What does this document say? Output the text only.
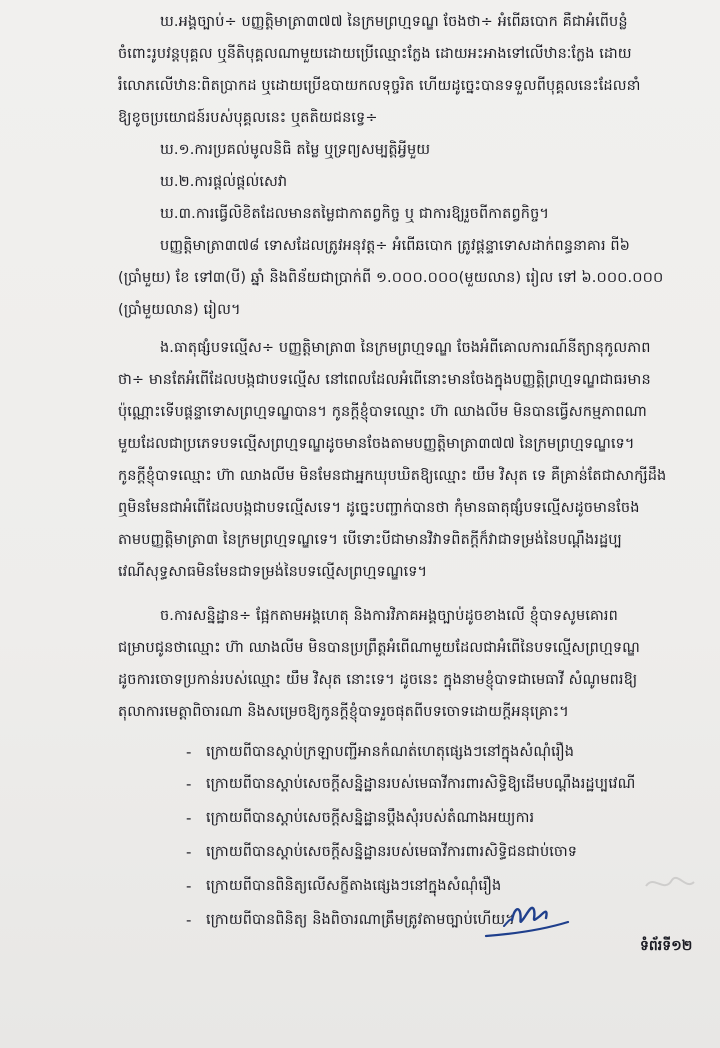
ឃ.អង្គច្បាប់÷ បញ្ញត្តិមាត្រា៣៧៧ នៃក្រមព្រហ្មទណ្ឌ ចែងថា÷ អំពើឆបោក គឺជាអំពើបន្លំ
ចំពោះរូបវន្តបុគ្គល ឬនីតិបុគ្គលណាមួយដោយប្រើឈ្មោះក្លែង ដោយអះអាងទៅលើឋានៈក្លែង ដោយ
រំលោភលើឋានៈពិតប្រាកដ ឬដោយប្រើឧបាយកលទុច្ចរិត ហើយដូច្នេះបានទទួលពីបុគ្គលនេះដែលនាំ
ឱ្យខូចប្រយោជន៍របស់បុគ្គលនេះ ឬតតិយជនទ្វេ÷
ឃ.១.ការប្រគល់មូលនិធិ តម្លៃ ឬទ្រព្យសម្បត្តិអ្វីមួយ
ឃ.២.ការផ្តល់ផ្តល់សេវា
ឃ.៣.ការធ្វើលិខិតដែលមានតម្លៃជាកាតព្វកិច្ច ឬ ជាការឱ្យរួចពីកាតព្វកិច្ច។
បញ្ញត្តិមាត្រា៣៧៨ ទោសដែលត្រូវអនុវត្ត÷ អំពើឆបោក ត្រូវផ្តន្ទាទោសដាក់ពន្ធនាគារ ពី៦
(ប្រាំមួយ) ខែ ទៅ៣(បី) ឆ្នាំ និងពិន័យជាប្រាក់ពី ១.០០០.០០០(មួយលាន) រៀល ទៅ ៦.០០០.០០០
(ប្រាំមួយលាន) រៀល។
ង.ធាតុផ្សំបទល្មើស÷ បញ្ញត្តិមាត្រា៣ នៃក្រមព្រហ្មទណ្ឌ ចែងអំពីគោលការណ៍នីត្យានុកូលភាព
ថា÷ មានតែអំពើដែលបង្កជាបទល្មើស នៅពេលដែលអំពើនោះមានចែងក្នុងបញ្ញត្តិព្រហ្មទណ្ឌជាធរមាន
ប៉ុណ្ណោះទើបផ្តន្ទាទោសព្រហ្មទណ្ឌបាន។ កូនក្តីខ្ញុំបាទឈ្មោះ ហ៊ា ឈាងលីម មិនបានធ្វើសកម្មភាពណា
មួយដែលជាប្រភេទបទល្មើសព្រហ្មទណ្ឌដូចមានចែងតាមបញ្ញត្តិមាត្រា៣៧៧ នៃក្រមព្រហ្មទណ្ឌទេ។
កូនក្តីខ្ញុំបាទឈ្មោះ ហ៊ា ឈាងលីម មិនមែនជាអ្នកឃុបឃិតឱ្យឈ្មោះ យឹម វិសុត ទេ គឺគ្រាន់តែជាសាក្សីដឹង
ឮមិនមែនជាអំពើដែលបង្កជាបទល្មើសទេ។ ដូច្នេះបញ្ជាក់បានថា កុំមានធាតុផ្សំបទល្មើសដូចមានចែង
តាមបញ្ញត្តិមាត្រា៣ នៃក្រមព្រហ្មទណ្ឌទេ។ បើទោះបីជាមានវិវាទពិតក្តីក៏វាជាទម្រង់នៃបណ្តឹងរដ្ឋប្ប
វេណីសុទ្ធសាធមិនមែនជាទម្រង់នៃបទល្មើសព្រហ្មទណ្ឌទេ។
ច.ការសន្និដ្ឋាន÷ ផ្អែកតាមអង្គហេតុ និងការវិភាគអង្គច្បាប់ដូចខាងលើ ខ្ញុំបាទសូមគោរព
ជម្រាបជូនថាឈ្មោះ ហ៊ា ឈាងលីម មិនបានប្រព្រឹត្តអំពើណាមួយដែលជាអំពើនៃបទល្មើសព្រហ្មទណ្ឌ
ដូចការចោទប្រកាន់របស់ឈ្មោះ យឹម វិសុត នោះទេ។ ដូចនេះ ក្នុងនាមខ្ញុំបាទជាមេធាវី សំណូមពរឱ្យ
តុលាការមេត្តាពិចារណា និងសម្រេចឱ្យកូនក្តីខ្ញុំបាទរួចផុតពីបទចោទដោយក្តីអនុគ្រោះ។
- ក្រោយពីបានស្តាប់ក្រឡាបញ្ជីអានកំណត់ហេតុផ្សេងៗនៅក្នុងសំណុំរឿង
- ក្រោយពីបានស្តាប់សេចក្តីសន្និដ្ឋានរបស់មេធាវីការពារសិទ្ធិឱ្យដើមបណ្តឹងរដ្ឋប្បវេណី
- ក្រោយពីបានស្តាប់សេចក្តីសន្និដ្ឋានប្តឹងសុំរបស់តំណាងអយ្យការ
- ក្រោយពីបានស្តាប់សេចក្តីសន្និដ្ឋានរបស់មេធាវីការពារសិទ្ធិជនជាប់ចោទ
- ក្រោយពីបានពិនិត្យលើសក្ខីតាងផ្សេងៗនៅក្នុងសំណុំរឿង
- ក្រោយពីបានពិនិត្យ និងពិចារណាត្រឹមត្រូវតាមច្បាប់ហើយ។
ទំព័រទី១២
